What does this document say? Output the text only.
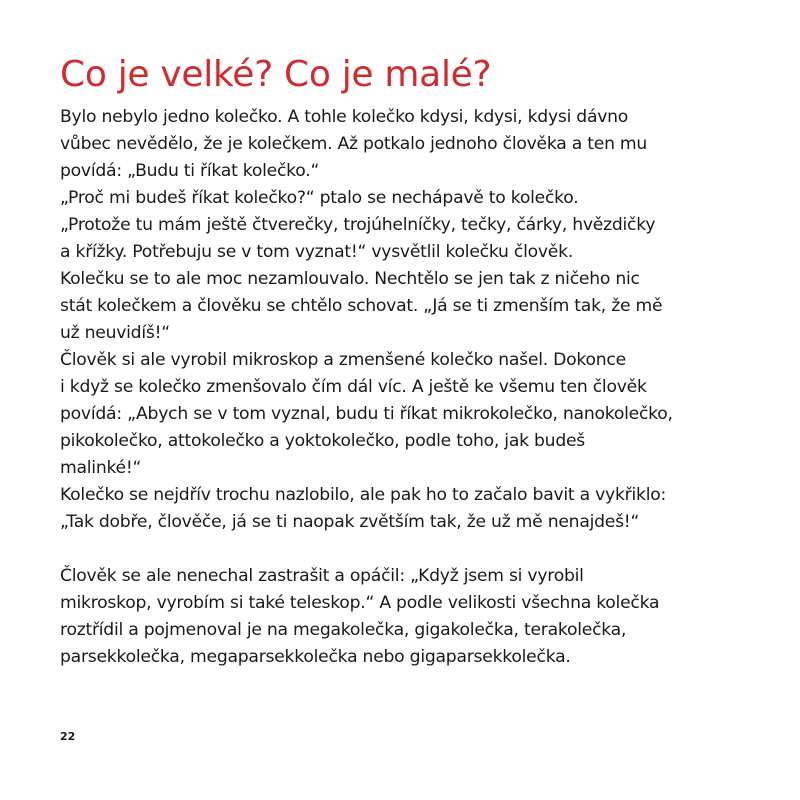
Co je velké? Co je malé?
Bylo nebylo jedno kolečko. A tohle kolečko kdysi, kdysi, kdysi dávno
vůbec nevědělo, že je kolečkem. Až potkalo jednoho člověka a ten mu
povídá: „Budu ti říkat kolečko.“
„Proč mi budeš říkat kolečko?“ ptalo se nechápavě to kolečko.
„Protože tu mám ještě čtverečky, trojúhelníčky, tečky, čárky, hvězdičky
a křížky. Potřebuju se v tom vyznat!“ vysvětlil kolečku člověk.
Kolečku se to ale moc nezamlouvalo. Nechtělo se jen tak z ničeho nic
stát kolečkem a člověku se chtělo schovat. „Já se ti zmenším tak, že mě
už neuvidíš!“
Člověk si ale vyrobil mikroskop a zmenšené kolečko našel. Dokonce
i když se kolečko zmenšovalo čím dál víc. A ještě ke všemu ten člověk
povídá: „Abych se v tom vyznal, budu ti říkat mikrokolečko, nanokolečko,
pikokolečko, attokolečko a yoktokolečko, podle toho, jak budeš
malinké!“
Kolečko se nejdřív trochu nazlobilo, ale pak ho to začalo bavit a vykřiklo:
„Tak dobře, člověče, já se ti naopak zvětším tak, že už mě nenajdeš!“
Člověk se ale nenechal zastrašit a opáčil: „Když jsem si vyrobil
mikroskop, vyrobím si také teleskop.“ A podle velikosti všechna kolečka
roztřídil a pojmenoval je na megakolečka, gigakolečka, terakolečka,
parsekkolečka, megaparsekkolečka nebo gigaparsekkolečka.
22
